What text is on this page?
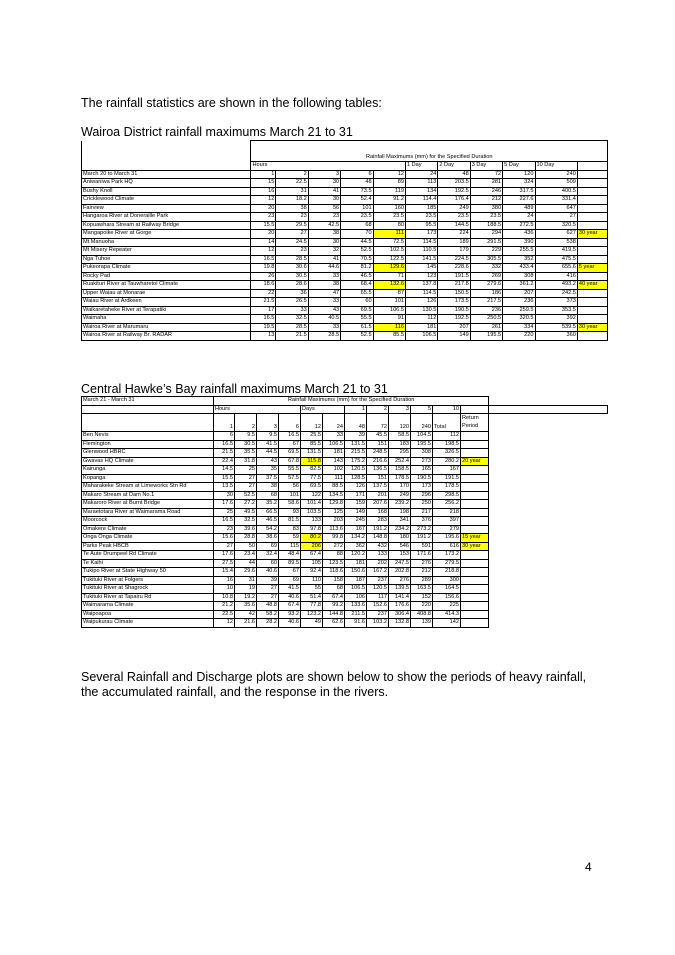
The rainfall statistics are shown in the following tables:
Wairoa District rainfall maximums March 21 to 31
	Rainfall Maximums (mm) for the Specified Duration										
	Hours					1 Day	2 Day	3 Day	5 Day	10 Day	
March 20 to March 31	1	2	3	6	12	24	48	72	120	240	
Aniwaniwa Park HQ	15	22.5	30	48	89	113	203.5	281	324	509	
Bushy Knoll	16	31	41	73.5	119	134	192.5	246	317.5	400.5	
Cricklewood Climate	12	18.2	30	52.4	91.2	114.4	176.4	212	227.6	331.4	
Fairview	20	38	56	101	160	185	249	380	489	647	
Hangaroa River at Doneraille Park	23	23	23	23.5	23.5	23.5	23.5	23.5	24	27	
Kopuawhara Stream at Railway Bridge	15.5	29.5	42.5	68	80	95.5	144.5	188.5	272.5	320.5	
Mangapoike River at Gorge	20	27	38	70	111	173	224	294	436	627	30 year
Mt Manuoha	14	24.5	30	44.5	72.5	114.5	189	291.5	390	538	
Mt Misery Repeater	12	23	32	52.5	102.5	110.5	179	229	255.5	419.5	
Nga Tuhoe	16.5	28.5	41	70.5	122.5	141.5	224.5	305.5	352	475.5	
Pukeorapa Climate	19.8	30.6	44.6	81.2	129.6	145	228.6	332	433.4	655.6	5 year
Rocky Pad	26	30.5	33	46.5	71	123	191.5	269	308	416	
Ruakituri River at Tauwharetoi Climate	18.6	28.6	38	68.4	132.6	137.8	217.8	279.6	361.2	493.2	40 year
Upper Waiau at Monarae	22	36	47	65.5	87	114.5	150.5	186	207	242.5	
Waiau River at Ardkeen	21.5	26.5	33	60	101	126	173.5	217.5	236	373	
Waikaretaheke River at Terapatiki	17	33	43	69.5	106.5	130.5	190.5	236	259.5	353.5	
Waimaha	16.5	32.5	40.5	55.5	91	112	192.5	250.5	320.5	392	
Wairoa River at Marumaru	19.5	28.5	33	61.5	116	181	207	261	334	539.5	30 year
Wairoa River at Railway Br. RADAR	13	21.5	28.5	52.5	85.5	106.5	149	195.5	220	360	
Central Hawke’s Bay rainfall maximums March 21 to 31
March 21 - March 31	Rainfall Maximums (mm) for the Specified Duration												
	Hours				Days		1	2	3	5	10		
	1	2	3	6	12	24	48	72	120	240	Total	Return
Period	
Ben Nevis	6	9.5	9.5	16.5	25.5	33	39	45.5	58.5	104.5	112		
Flemington	16.5	30.5	41.5	67	85.5	106.5	131.5	151	183	195.5	198.5		
Glenwood HBRC	21.5	35.5	44.5	69.5	131.5	181	215.5	248.5	295	308	326.5		
Gwavas HQ Climate	22.4	31.8	43	67.8	115.8	143	175.2	216.6	252.4	273	280.2	20 year	
Kairunga	14.5	25	35	55.5	82.5	102	120.5	136.5	158.5	165	167		
Kopanga	15.5	27	37.5	57.5	77.5	111	128.5	151	178.5	190.5	191.5		
Maharakeke Stream at Limeworks Stn Rd	13.5	27	38	56	69.5	88.5	126	137.5	170	173	178.5		
Makaro Stream at Dam No.1	30	52.5	68	101	122	134.5	171	201	249	296	298.5		
Makaroro River at Burnt Bridge	17.6	27.2	35.2	58.6	101.4	129.8	159	207.6	239.2	250	256.2		
Maraetotara River at Waimarama Road	25	49.5	66.5	93	103.5	125	149	168	198	217	218		
Moorcock	16.5	32.5	46.5	81.5	133	203	245	283	341	376	397		
Omakere Climate	23	39.6	54.2	83	97.8	113.6	167	191.2	234.2	273.2	279		
Onga Onga Climate	15.6	28.8	38.6	59	80.2	99.8	134.2	148.8	180	191.2	195.6	15 year	
Parks Peak HBCB	27	50	69	115	206	272	362	432	546	591	616	30 year	
Te Aute Drumpeel Rd Climate	17.6	23.4	32.4	48.4	67.4	88	120.2	133	153	171.6	173.2		
Te Kaihi	27.5	44	60	89.5	105	123.5	181	202	247.5	276	279.5		
Tukipo River at State Highway 50	15.4	29.6	40.6	67	92.4	118.6	150.6	167.2	202.8	212	218.8		
Tukituki River at Folgers	16	31	39	69	110	158	187	237	276	289	300		
Tukituki River at Shagrock	10	19	27	41.5	55	68	106.5	120.5	139.5	163.5	164.5		
Tukituki River at Tapairu Rd	10.8	19.2	27	40.6	51.4	67.4	106	117	141.4	152	156.6		
Waimarama Climate	21.2	35.6	48.8	67.4	77.8	99.2	133.6	152.6	176.6	220	225		
Waipoapoa	22.5	42	58.2	93.2	123.2	144.8	211.5	237	306.4	408.8	414.3		
Waipukurau Climate	12	21.6	28.2	40.6	49	62.6	91.6	103.2	132.8	139	142		
Several Rainfall and Discharge plots are shown below to show the periods of heavy rainfall, the accumulated rainfall, and the response in the rivers.
4
